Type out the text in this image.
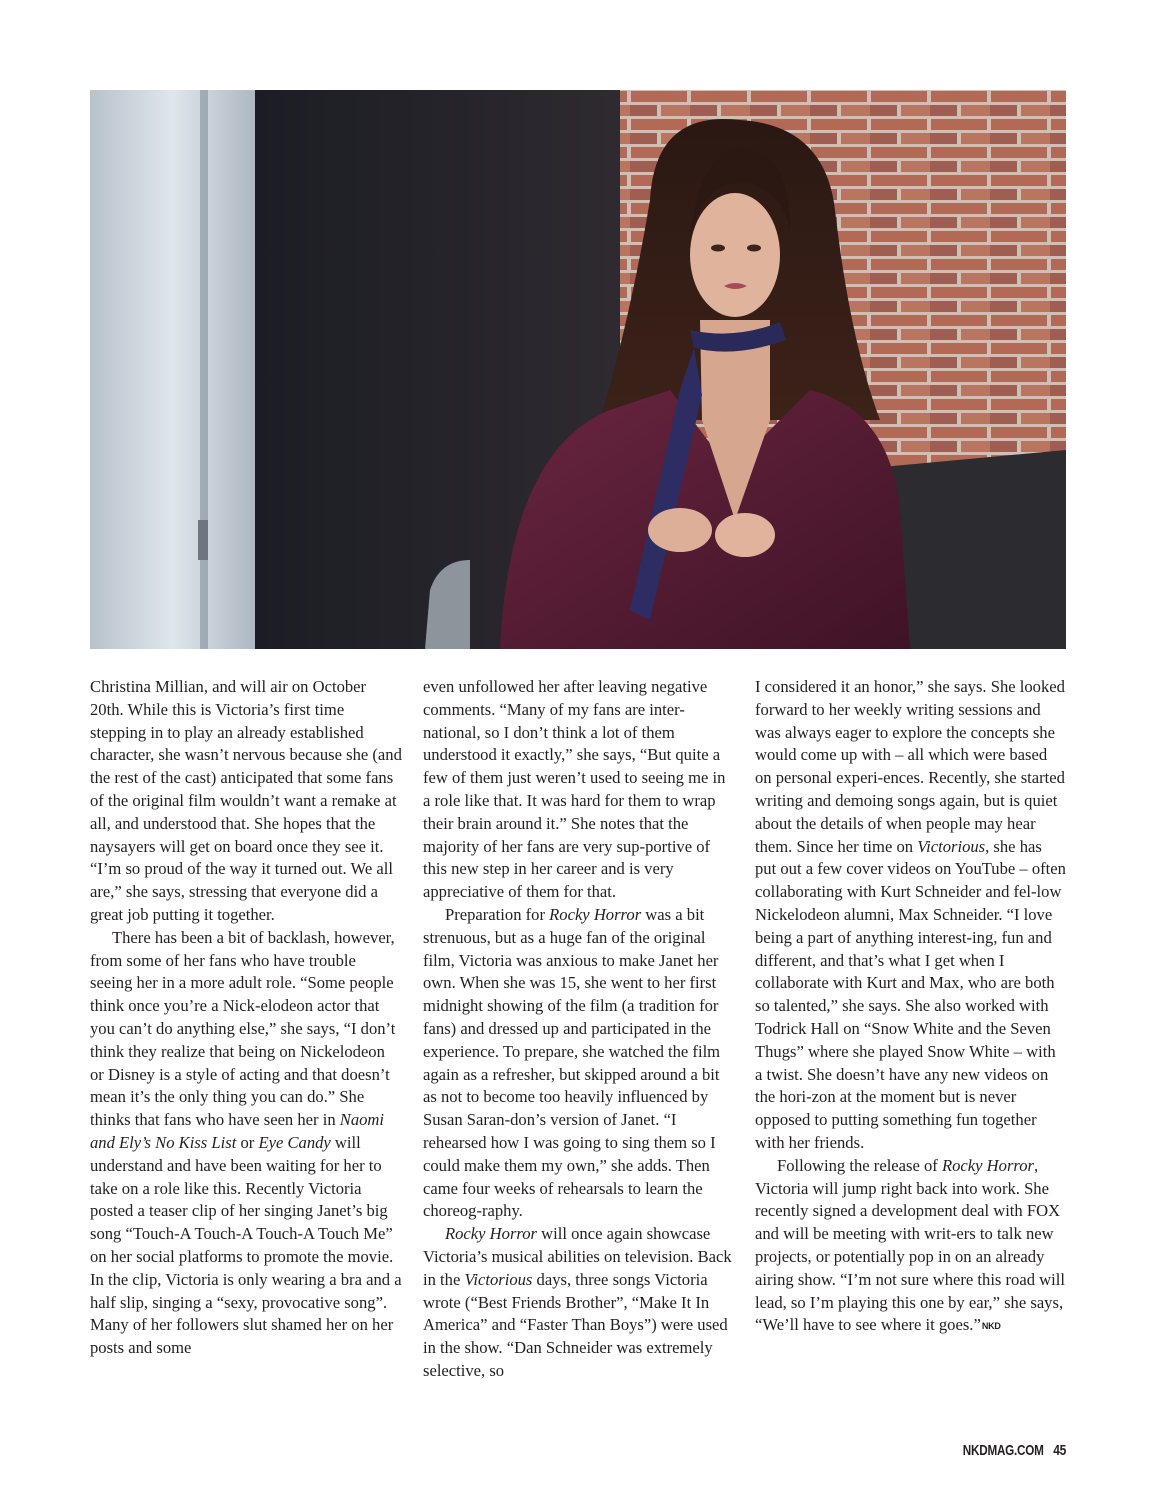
Christina Millian, and will air on October 20th. While this is Victoria’s first time stepping in to play an already established character, she wasn’t nervous because she (and the rest of the cast) anticipated that some fans of the original film wouldn’t want a remake at all, and understood that. She hopes that the naysayers will get on board once they see it. “I’m so proud of the way it turned out. We all are,” she says, stressing that everyone did a great job putting it together.

There has been a bit of backlash, however, from some of her fans who have trouble seeing her in a more adult role. “Some people think once you’re a Nick-elodeon actor that you can’t do anything else,” she says, “I don’t think they realize that being on Nickelodeon or Disney is a style of acting and that doesn’t mean it’s the only thing you can do.” She thinks that fans who have seen her in Naomi and Ely’s No Kiss List or Eye Candy will understand and have been waiting for her to take on a role like this. Recently Victoria posted a teaser clip of her singing Janet’s big song “Touch-A Touch-A Touch-A Touch Me” on her social platforms to promote the movie. In the clip, Victoria is only wearing a bra and a half slip, singing a “sexy, provocative song”. Many of her followers slut shamed her on her posts and some

even unfollowed her after leaving negative comments. “Many of my fans are inter-national, so I don’t think a lot of them understood it exactly,” she says, “But quite a few of them just weren’t used to seeing me in a role like that. It was hard for them to wrap their brain around it.” She notes that the majority of her fans are very sup-portive of this new step in her career and is very appreciative of them for that.

Preparation for Rocky Horror was a bit strenuous, but as a huge fan of the original film, Victoria was anxious to make Janet her own. When she was 15, she went to her first midnight showing of the film (a tradition for fans) and dressed up and participated in the experience. To prepare, she watched the film again as a refresher, but skipped around a bit as not to become too heavily influenced by Susan Saran-don’s version of Janet. “I rehearsed how I was going to sing them so I could make them my own,” she adds. Then came four weeks of rehearsals to learn the choreog-raphy.

Rocky Horror will once again showcase Victoria’s musical abilities on television. Back in the Victorious days, three songs Victoria wrote (“Best Friends Brother”, “Make It In America” and “Faster Than Boys”) were used in the show. “Dan Schneider was extremely selective, so

I considered it an honor,” she says. She looked forward to her weekly writing sessions and was always eager to explore the concepts she would come up with – all which were based on personal experi-ences. Recently, she started writing and demoing songs again, but is quiet about the details of when people may hear them. Since her time on Victorious, she has put out a few cover videos on YouTube – often collaborating with Kurt Schneider and fel-low Nickelodeon alumni, Max Schneider. “I love being a part of anything interest-ing, fun and different, and that’s what I get when I collaborate with Kurt and Max, who are both so talented,” she says. She also worked with Todrick Hall on “Snow White and the Seven Thugs” where she played Snow White – with a twist. She doesn’t have any new videos on the hori-zon at the moment but is never opposed to putting something fun together with her friends.

Following the release of Rocky Horror, Victoria will jump right back into work. She recently signed a development deal with FOX and will be meeting with writ-ers to talk new projects, or potentially pop in on an already airing show. “I’m not sure where this road will lead, so I’m playing this one by ear,” she says, “We’ll have to see where it goes.”NKD

NKDMAG.COM 45
